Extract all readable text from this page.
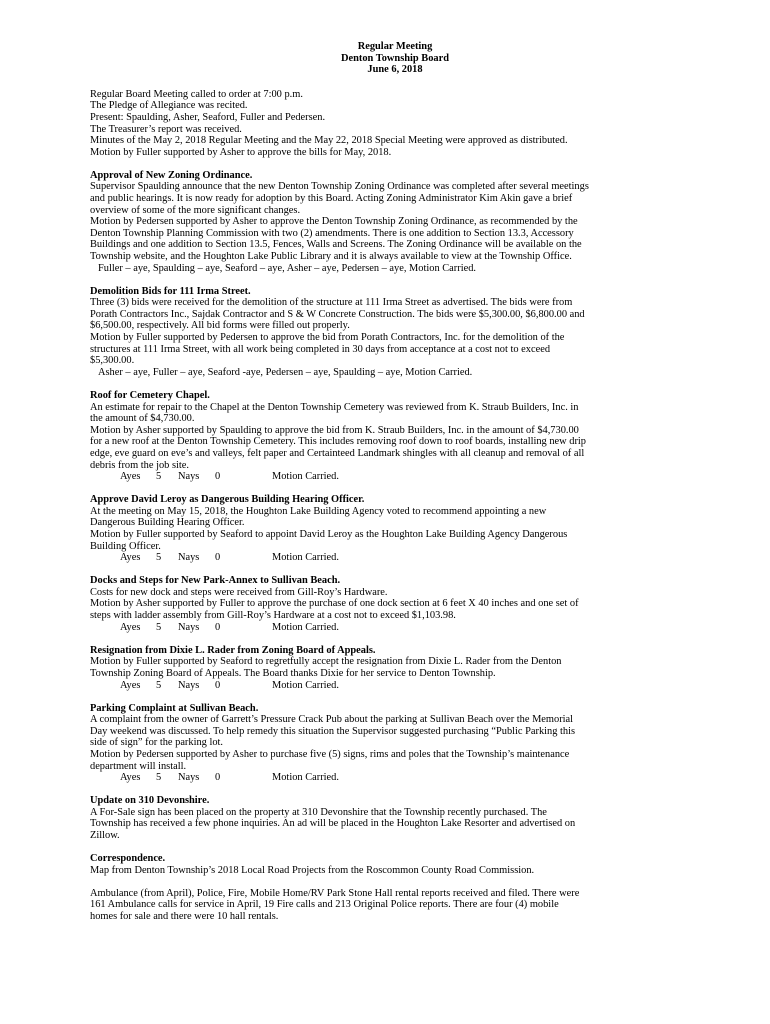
Regular Meeting
Denton Township Board
June 6, 2018
Regular Board Meeting called to order at 7:00 p.m.
The Pledge of Allegiance was recited.
Present: Spaulding, Asher, Seaford, Fuller and Pedersen.
The Treasurer’s report was received.
Minutes of the May 2, 2018 Regular Meeting and the May 22, 2018 Special Meeting were approved as distributed.
Motion by Fuller supported by Asher to approve the bills for May, 2018.
Approval of New Zoning Ordinance.
Supervisor Spaulding announce that the new Denton Township Zoning Ordinance was completed after several meetings
and public hearings. It is now ready for adoption by this Board. Acting Zoning Administrator Kim Akin gave a brief
overview of some of the more significant changes.
Motion by Pedersen supported by Asher to approve the Denton Township Zoning Ordinance, as recommended by the
Denton Township Planning Commission with two (2) amendments. There is one addition to Section 13.3, Accessory
Buildings and one addition to Section 13.5, Fences, Walls and Screens. The Zoning Ordinance will be available on the
Township website, and the Houghton Lake Public Library and it is always available to view at the Township Office.
Fuller – aye, Spaulding – aye, Seaford – aye, Asher – aye, Pedersen – aye, Motion Carried.
Demolition Bids for 111 Irma Street.
Three (3) bids were received for the demolition of the structure at 111 Irma Street as advertised. The bids were from
Porath Contractors Inc., Sajdak Contractor and S & W Concrete Construction. The bids were $5,300.00, $6,800.00 and
$6,500.00, respectively. All bid forms were filled out properly.
Motion by Fuller supported by Pedersen to approve the bid from Porath Contractors, Inc. for the demolition of the
structures at 111 Irma Street, with all work being completed in 30 days from acceptance at a cost not to exceed
$5,300.00.
Asher – aye, Fuller – aye, Seaford -aye, Pedersen – aye, Spaulding – aye, Motion Carried.
Roof for Cemetery Chapel.
An estimate for repair to the Chapel at the Denton Township Cemetery was reviewed from K. Straub Builders, Inc. in
the amount of $4,730.00.
Motion by Asher supported by Spaulding to approve the bid from K. Straub Builders, Inc. in the amount of $4,730.00
for a new roof at the Denton Township Cemetery. This includes removing roof down to roof boards, installing new drip
edge, eve guard on eve’s and valleys, felt paper and Certainteed Landmark shingles with all cleanup and removal of all
debris from the job site.
Ayes      5 Nays      0	Motion Carried.
Approve David Leroy as Dangerous Building Hearing Officer.
At the meeting on May 15, 2018, the Houghton Lake Building Agency voted to recommend appointing a new
Dangerous Building Hearing Officer.
Motion by Fuller supported by Seaford to appoint David Leroy as the Houghton Lake Building Agency Dangerous
Building Officer.
Ayes      5 Nays      0	Motion Carried.
Docks and Steps for New Park-Annex to Sullivan Beach.
Costs for new dock and steps were received from Gill-Roy’s Hardware.
Motion by Asher supported by Fuller to approve the purchase of one dock section at 6 feet X 40 inches and one set of
steps with ladder assembly from Gill-Roy’s Hardware at a cost not to exceed $1,103.98.
Ayes      5 Nays      0	Motion Carried.
Resignation from Dixie L. Rader from Zoning Board of Appeals.
Motion by Fuller supported by Seaford to regretfully accept the resignation from Dixie L. Rader from the Denton
Township Zoning Board of Appeals. The Board thanks Dixie for her service to Denton Township.
Ayes      5 Nays      0	Motion Carried.
Parking Complaint at Sullivan Beach.
A complaint from the owner of Garrett’s Pressure Crack Pub about the parking at Sullivan Beach over the Memorial
Day weekend was discussed. To help remedy this situation the Supervisor suggested purchasing “Public Parking this
side of sign” for the parking lot.
Motion by Pedersen supported by Asher to purchase five (5) signs, rims and poles that the Township’s maintenance
department will install.
Ayes      5 Nays      0	Motion Carried.
Update on 310 Devonshire.
A For-Sale sign has been placed on the property at 310 Devonshire that the Township recently purchased. The
Township has received a few phone inquiries. An ad will be placed in the Houghton Lake Resorter and advertised on
Zillow.
Correspondence.
Map from Denton Township’s 2018 Local Road Projects from the Roscommon County Road Commission.
Ambulance (from April), Police, Fire, Mobile Home/RV Park Stone Hall rental reports received and filed. There were
161 Ambulance calls for service in April, 19 Fire calls and 213 Original Police reports. There are four (4) mobile
homes for sale and there were 10 hall rentals.
